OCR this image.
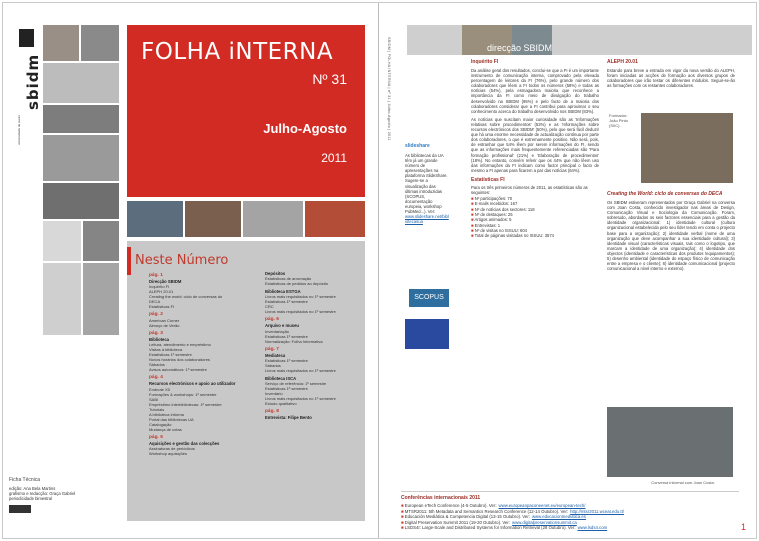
universidade de aveiro
sbidm
FOLHA iNTERNA
Nº 31
Julho-Agosto
2011
Neste Número
pág. 1
Direcção SBIDM
Inquérito FI
ALEPH 20.01
Creating the world: ciclo de conversas do
DECA
Estatísticas FI
pág. 2
American Corner
Almoço de Verão
pág. 3
Biblioteca
Leitura, atendimento e empréstimo
Visitas à biblioteca
Estatísticas 1º semestre
Novos horários dos colaboradores
Sábados
Avisos automáticos: 1º semestre
pág. 4
Recursos electrónicos e apoio ao utilizador
Endnote X5
Formações & workshops: 1º semestre
SABI
Empréstimo interbibliotecas: 1º semestre
Tutoriais
A biblioteca informa
Portal das bibliotecas UA
Catalogação
Mudança de cotas
pág. 5
Aquisições e gestão das colecções
Assinaturas de periódicos
Workshop aquisições
Depósitos
Estatísticas de arrumação
Estatísticas de pedidos ao depósito
Biblioteca ESTGA
Livros mais requisitados no 1º semestre
Estatísticas 1º semestre
CRC
Livros mais requisitados no 1º semestre
pág. 6
Arquivo e museu
Inventariação
Estatísticas 1º semestre
Normalização: Folha Informativa
pág. 7
Mediateca
Estatísticas 1º semestre
Sábados
Livros mais requisitados no 1º semestre
Biblioteca ISCA
Serviço de referência: 1º semestre
Estatísticas 1º semestre
Inventário
Livros mais requisitados no 1º semestre
Estudo qualitativo
pág. 8
Entrevista: Filipe Bento
Ficha Técnica
edição: Ana Bela Martins
grafismo e redacção: Graça Gabriel
periodicidade bimestral
SBIDM | FOLHA INTERNA | nº 31 | Julho-Agosto | 2011	direcção SBIDM
slideshare
As bibliotecas da UA têm já um grande número de apresentações na plataforma SlideShare. Sugere-se a visualização das últimas introduzidas (SCOPUS, documentação europeia, workshop PubMed...). Ver:
www.slideshare.net/bibliotecasua
SCOPUS
Inquérito FI
Da análise geral dos resultados, conclui-se que a FI é um importante instrumento de comunicação interna, comprovado pela elevada percentagem de leitores da FI (76%), pelo grande número dos colaboradores que lêem a FI todos os números (58%) e todas as notícias (54%), pela esmagadora maioria que reconhece a importância da FI como meio de divulgação do trabalho desenvolvido na SBIDM (95%) e pelo facto de a maioria dos colaboradores considerar que a FI contribui para aproximar o seu conhecimento acerca do trabalho desenvolvido nos SBIDM (83%).
As notícias que suscitam maior curiosidade são as 'Informações relativas sobre procedimentos' (53%) e as 'Informações sobre recursos electrónicos dos SBIDM' (50%), pelo que será fácil deduzir que há uma enorme necessidade de actualização contínua por parte dos colaboradores, o que é extremamente positivo. Não será, pois, de estranhar que 54% lêem por serem informações do FI, sendo que as informações mais frequentemente referenciadas são 'Para formação profissional' (21%) e 'Elaboração de procedimentos' (18%). No entanto, convém referir que os 44% que não lêem uso das informações da FI indicam como factor principal o facto de mesmo a FI apenas para ficarem a par das notícias (64%).
Estatísticas FI
Para os três primeiros números de 2011, as estatísticas são as seguintes:
■ Nº participações: 70
■ E-mails recebidos: 167
■ Nº de notícias dos sectores: 118
■ Nº de destaques: 25
■ Artigos animados: 5
■ Entrevistas: 1
■ Nº de visitas no ISSUU: 604
■ Total de páginas visitadas no ISSUU: 3574
ALEPH 20.01
Estando para breve a entrada em vigor da nova versão do ALEPH, foram iniciadas as acções de formação aos diversos grupos de colaboradores que irão testar os diferentes módulos. Seguir-se-ão as formações com os restantes colaboradores.
Formador: João Pinto (SIIC).
Creating the World: ciclo de conversas do DECA
Os SBIDM estiveram representados por Graça Gabriel na conversa com Joan Costa, conhecido investigador nas áreas de Design, Comunicação Visual e Sociologia da Comunicação. Foram, sobretudo, abordados os seis factores essenciais para a gestão da identidade organizacional: 1) identidade cultural (cultura organizacional estabelecida pelo seu líder tendo em conta o projecto base para a organização); 2) identidade verbal (nome de uma organização que deve acompanhar a sua identidade cultural); 3) identidade visual (características visuais, tais como o logotipo, que marcam a identidade de uma organização); 4) identidade dos objectos (identidade e características dos produtos /equipamentos); 5) desenho ambiental (identidade do espaço físico de comunicação entre a empresa e o cliente); 6) identidade comunicacional (projecto comunicacional a nível interno e externo).
Conversa informal com Joan Costa.
Conferências internacionais 2011
■ European eTech Conference (4-5 Outubro). Ver: www.europeanpaconeenet.eu/european-tech/
■ MTSR2011: 5th Metadata and Semantics Research Conference (12-14 Outubro). Ver: http://mtsr2011.wceat.edu.tt/
■ Educación Mediática & Competencia Digital (13-15 Outubro). Ver: www.educacionmediatica.es
■ Digital Preservation Summit 2011 (19-20 Outubro). Ver: www.digitalpreservationsummit.ca
■ LSDS4I: Large-Scale and Distributed Systems for Information Retrieval (28 Outubro). Ver: www.lsds4.com	1
